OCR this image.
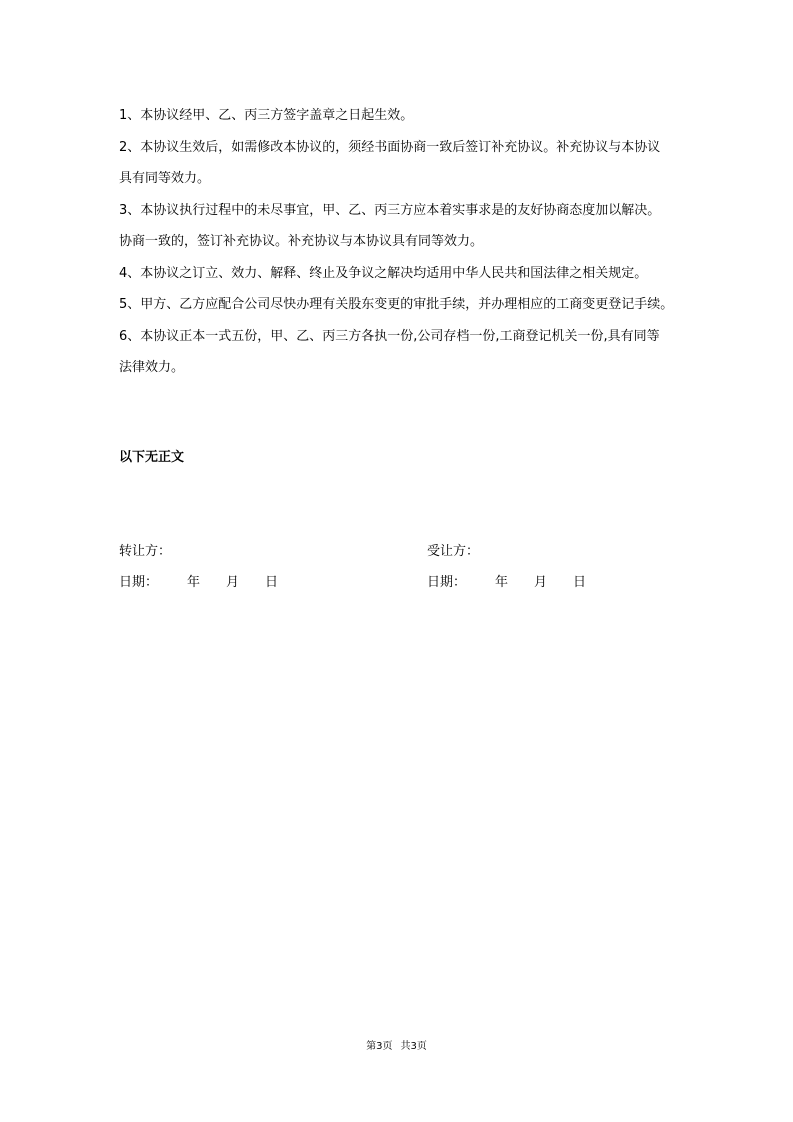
1、本协议经甲、乙、丙三方签字盖章之日起生效。
2、本协议生效后，如需修改本协议的，须经书面协商一致后签订补充协议。补充协议与本协议
具有同等效力。
3、本协议执行过程中的未尽事宜，甲、乙、丙三方应本着实事求是的友好协商态度加以解决。
协商一致的，签订补充协议。补充协议与本协议具有同等效力。
4、本协议之订立、效力、解释、终止及争议之解决均适用中华人民共和国法律之相关规定。
5、甲方、乙方应配合公司尽快办理有关股东变更的审批手续，并办理相应的工商变更登记手续。
6、本协议正本一式五份，甲、乙、丙三方各执一份,公司存档一份,工商登记机关一份,具有同等
法律效力。
以下无正文
转让方：
日期：	年	月	日
受让方：
日期：	年	月	日
第3页 共3页
